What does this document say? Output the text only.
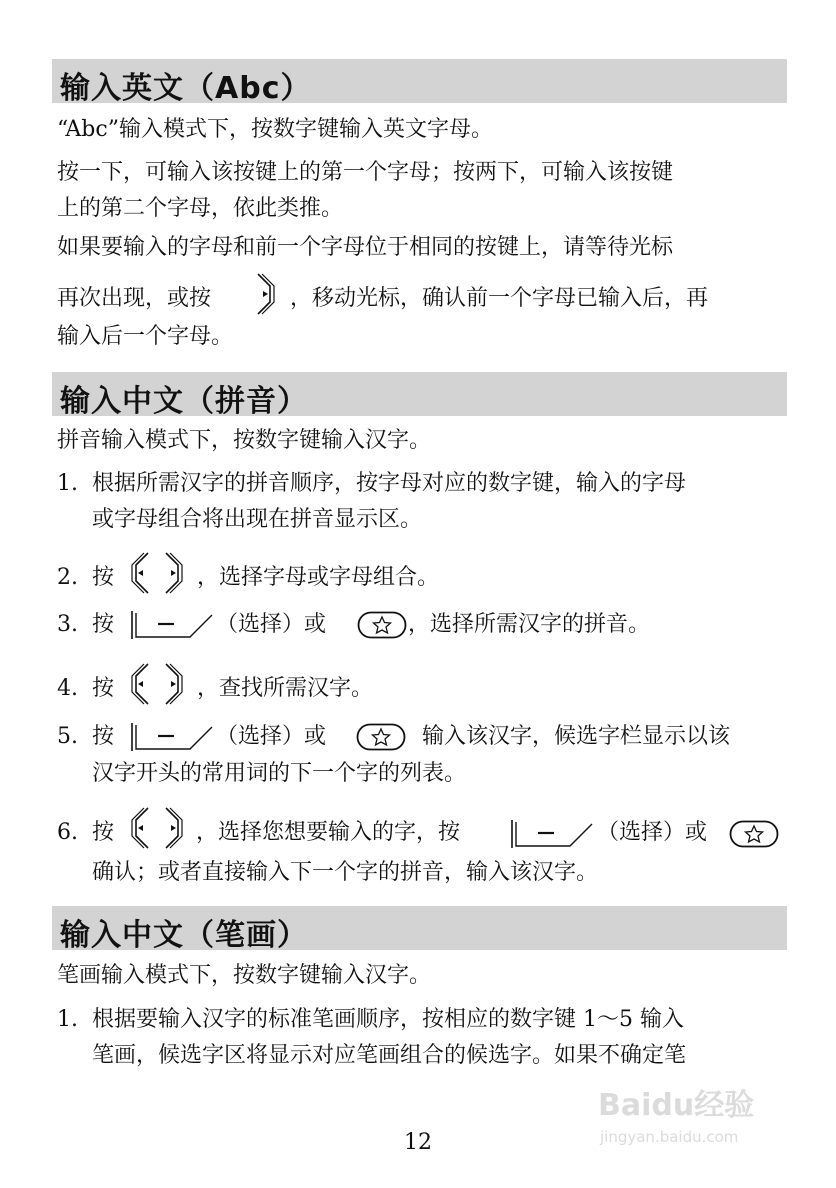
输入英文（Abc）
“Abc”输入模式下，按数字键输入英文字母。
按一下，可输入该按键上的第一个字母；按两下，可输入该按键
上的第二个字母，依此类推。
如果要输入的字母和前一个字母位于相同的按键上，请等待光标
再次出现，或按	，移动光标，确认前一个字母已输入后，再
输入后一个字母。
输入中文（拼音）
拼音输入模式下，按数字键输入汉字。
1. 根据所需汉字的拼音顺序，按字母对应的数字键，输入的字母
或字母组合将出现在拼音显示区。
2. 按	，选择字母或字母组合。
3. 按	（选择）或	，选择所需汉字的拼音。
4. 按	，查找所需汉字。
5. 按	（选择）或	输入该汉字，候选字栏显示以该
汉字开头的常用词的下一个字的列表。
6. 按	，选择您想要输入的字，按	（选择）或
确认；或者直接输入下一个字的拼音，输入该汉字。
输入中文（笔画）
笔画输入模式下，按数字键输入汉字。
1. 根据要输入汉字的标准笔画顺序，按相应的数字键 1～5 输入
笔画，候选字区将显示对应笔画组合的候选字。如果不确定笔
Baidu经验
jingyan.baidu.com
12
